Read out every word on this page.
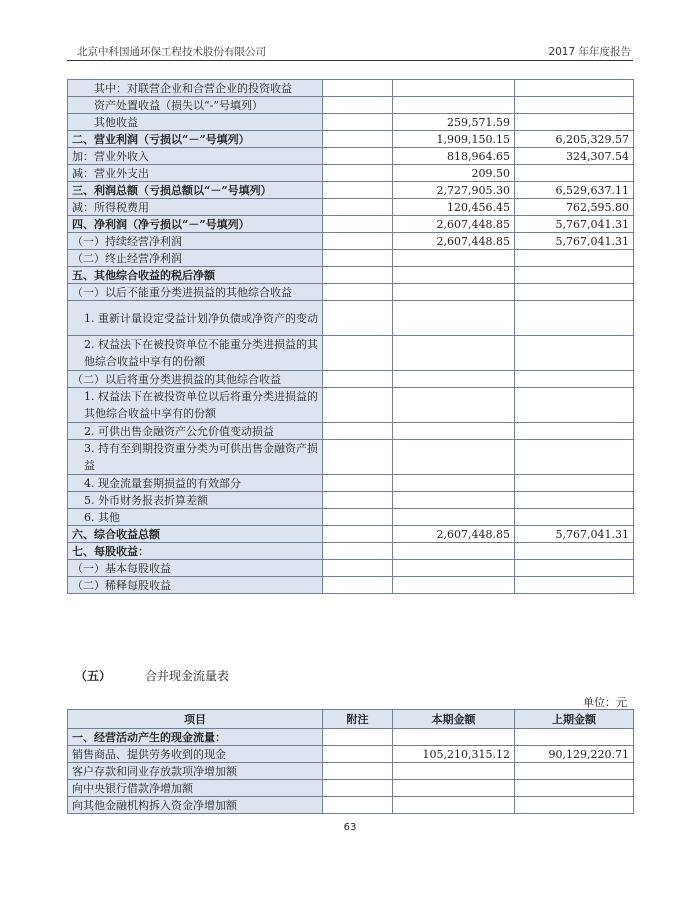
北京中科国通环保工程技术股份有限公司	2017 年年度报告
其中：对联营企业和合营企业的投资收益			
资产处置收益（损失以“-”号填列）			
其他收益		259,571.59	
二、营业利润（亏损以“－”号填列）		1,909,150.15	6,205,329.57
加：营业外收入		818,964.65	324,307.54
减：营业外支出		209.50	
三、利润总额（亏损总额以“－”号填列）		2,727,905.30	6,529,637.11
减：所得税费用		120,456.45	762,595.80
四、净利润（净亏损以“－”号填列）		2,607,448.85	5,767,041.31
（一）持续经营净利润		2,607,448.85	5,767,041.31
（二）终止经营净利润			
五、其他综合收益的税后净额			
（一）以后不能重分类进损益的其他综合收益			
1. 重新计量设定受益计划净负债或净资产的变动			
2. 权益法下在被投资单位不能重分类进损益的其他综合收益中享有的份额			
（二）以后将重分类进损益的其他综合收益			
1. 权益法下在被投资单位以后将重分类进损益的其他综合收益中享有的份额			
2. 可供出售金融资产公允价值变动损益			
3. 持有至到期投资重分类为可供出售金融资产损益			
4. 现金流量套期损益的有效部分			
5. 外币财务报表折算差额			
6. 其他			
六、综合收益总额		2,607,448.85	5,767,041.31
七、每股收益：			
（一）基本每股收益			
（二）稀释每股收益			
（五）	合并现金流量表
单位：元
项目	附注	本期金额	上期金额
一、经营活动产生的现金流量：			
销售商品、提供劳务收到的现金		105,210,315.12	90,129,220.71
客户存款和同业存放款项净增加额			
向中央银行借款净增加额			
向其他金融机构拆入资金净增加额			
63
